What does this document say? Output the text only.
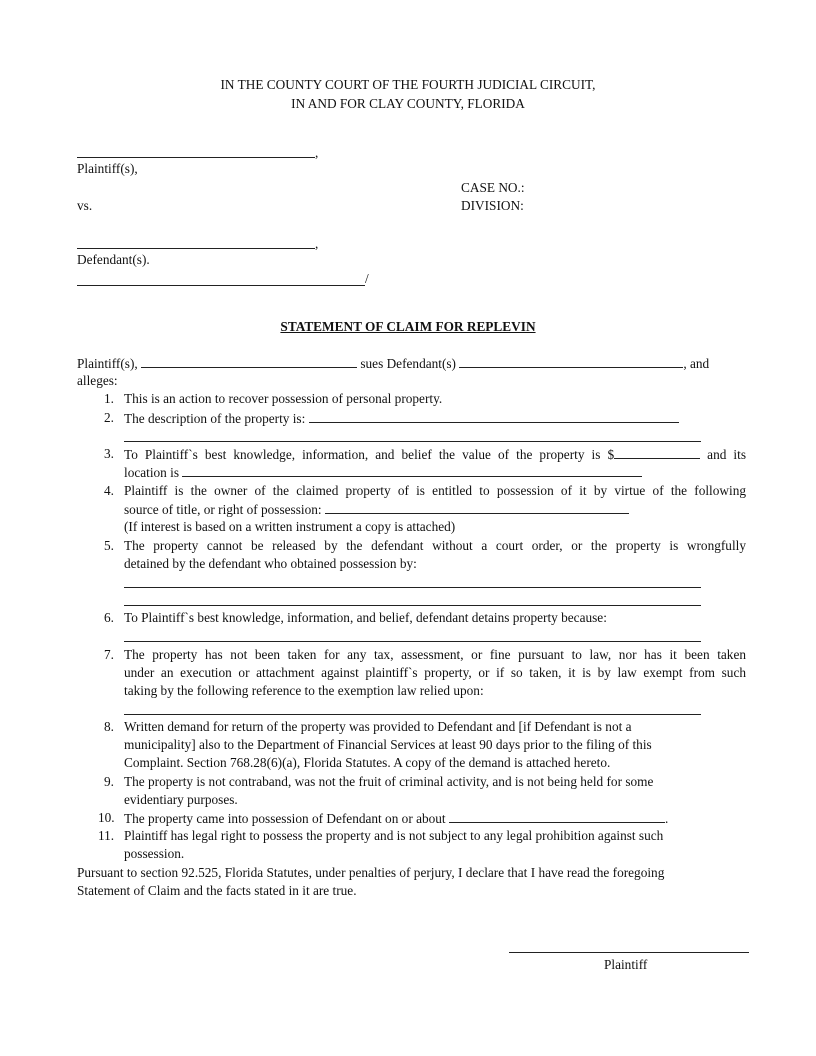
IN THE COUNTY COURT OF THE FOURTH JUDICIAL CIRCUIT,
IN AND FOR CLAY COUNTY, FLORIDA
,
Plaintiff(s),
CASE NO.:
vs.	DIVISION:
,
Defendant(s).
/
STATEMENT OF CLAIM FOR REPLEVIN
Plaintiff(s),	sues Defendant(s)	, and
alleges:
1. This is an action to recover possession of personal property.
2. The description of the property is:
3. To Plaintiff`s best knowledge, information, and belief the value of the property is $	and its
location is
4. Plaintiff is the owner of the claimed property of is entitled to possession of it by virtue of the following
source of title, or right of possession:
(If interest is based on a written instrument a copy is attached)
5. The property cannot be released by the defendant without a court order, or the property is wrongfully
detained by the defendant who obtained possession by:
6. To Plaintiff`s best knowledge, information, and belief, defendant detains property because:
7. The property has not been taken for any tax, assessment, or fine pursuant to law, nor has it been taken
under an execution or attachment against plaintiff`s property, or if so taken, it is by law exempt from such
taking by the following reference to the exemption law relied upon:
8. Written demand for return of the property was provided to Defendant and [if Defendant is not a
municipality] also to the Department of Financial Services at least 90 days prior to the filing of this
Complaint. Section 768.28(6)(a), Florida Statutes. A copy of the demand is attached hereto.
9. The property is not contraband, was not the fruit of criminal activity, and is not being held for some
evidentiary purposes.
10. The property came into possession of Defendant on or about	.
11. Plaintiff has legal right to possess the property and is not subject to any legal prohibition against such
possession.
Pursuant to section 92.525, Florida Statutes, under penalties of perjury, I declare that I have read the foregoing
Statement of Claim and the facts stated in it are true.
Plaintiff
